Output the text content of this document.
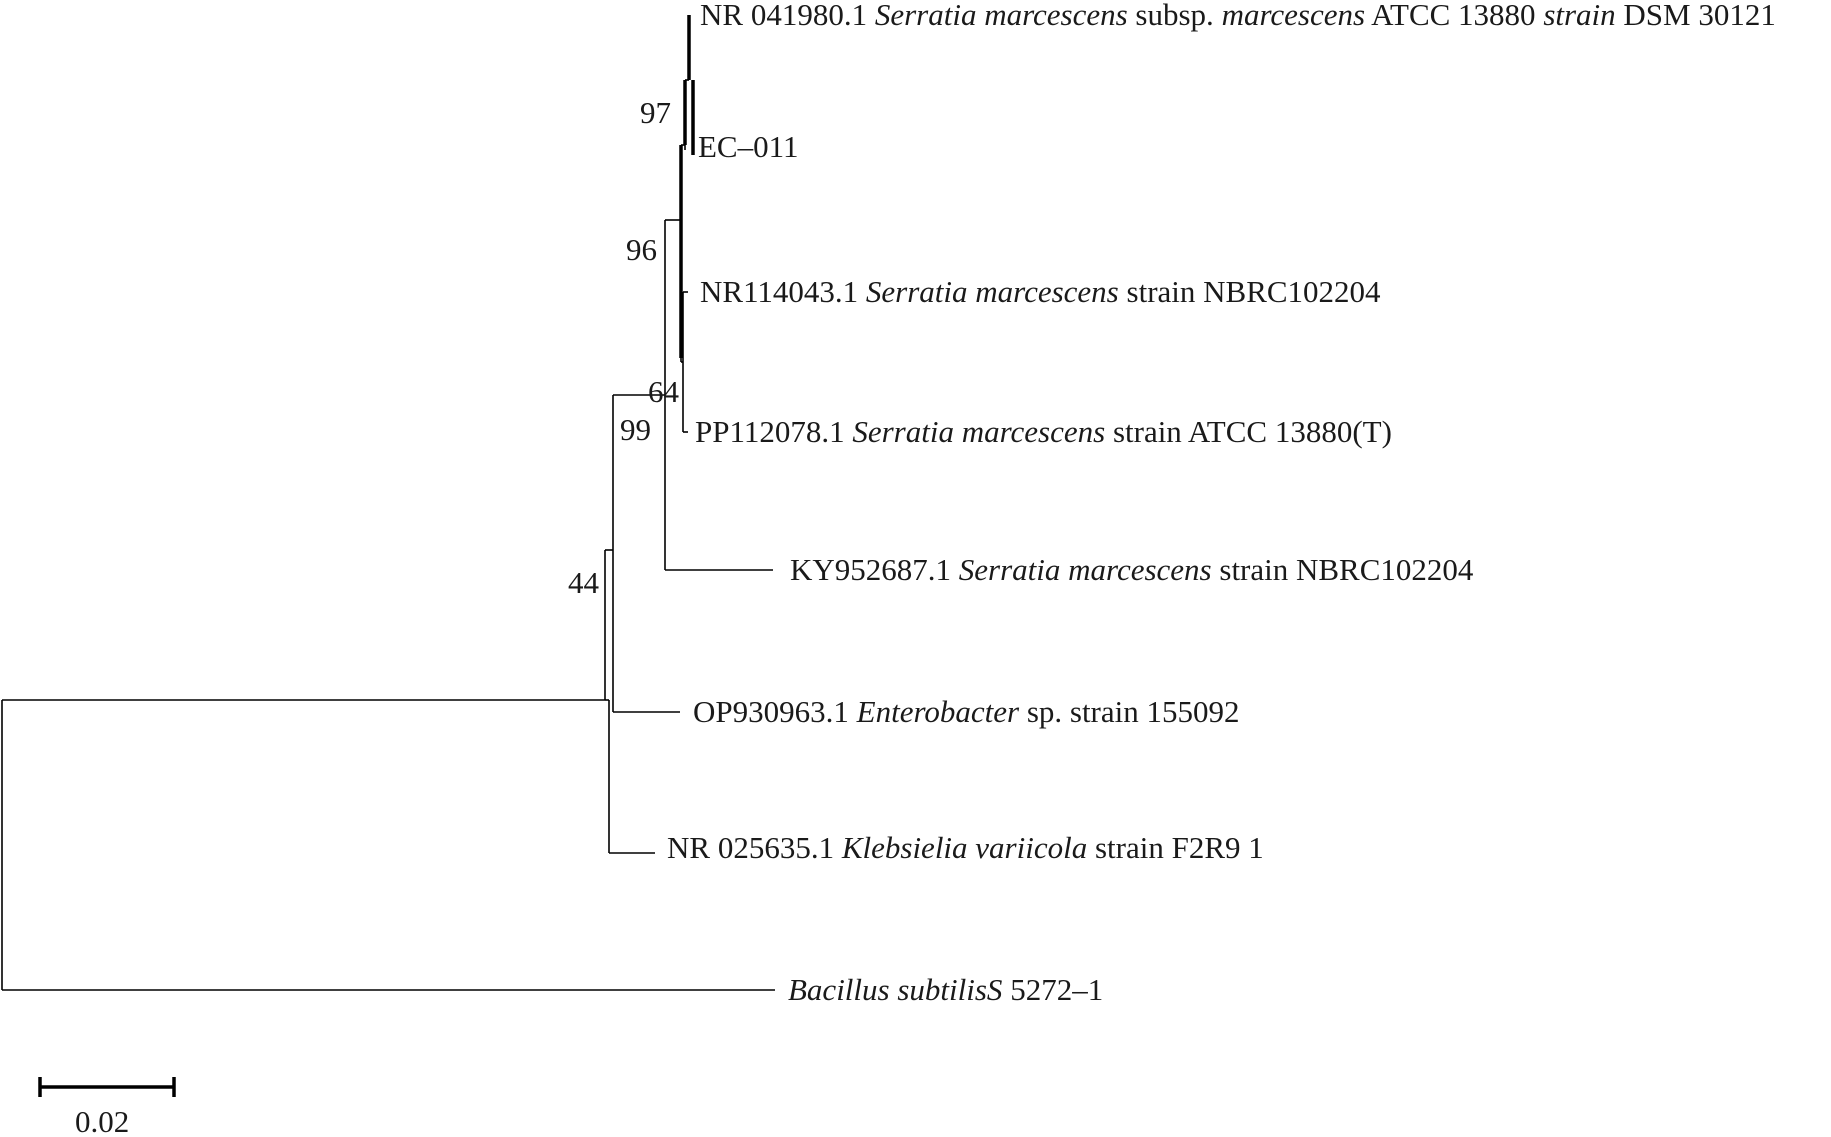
NR 041980.1 Serratia marcescens subsp. marcescens ATCC 13880 strain DSM 30121
EC–011
NR114043.1 Serratia marcescens strain NBRC102204
PP112078.1 Serratia marcescens strain ATCC 13880(T)
KY952687.1 Serratia marcescens strain NBRC102204
OP930963.1 Enterobacter sp. strain 155092
NR 025635.1 Klebsielia variicola strain F2R9 1
Bacillus subtilisS 5272–1
97
96
64
99
44
0.02
